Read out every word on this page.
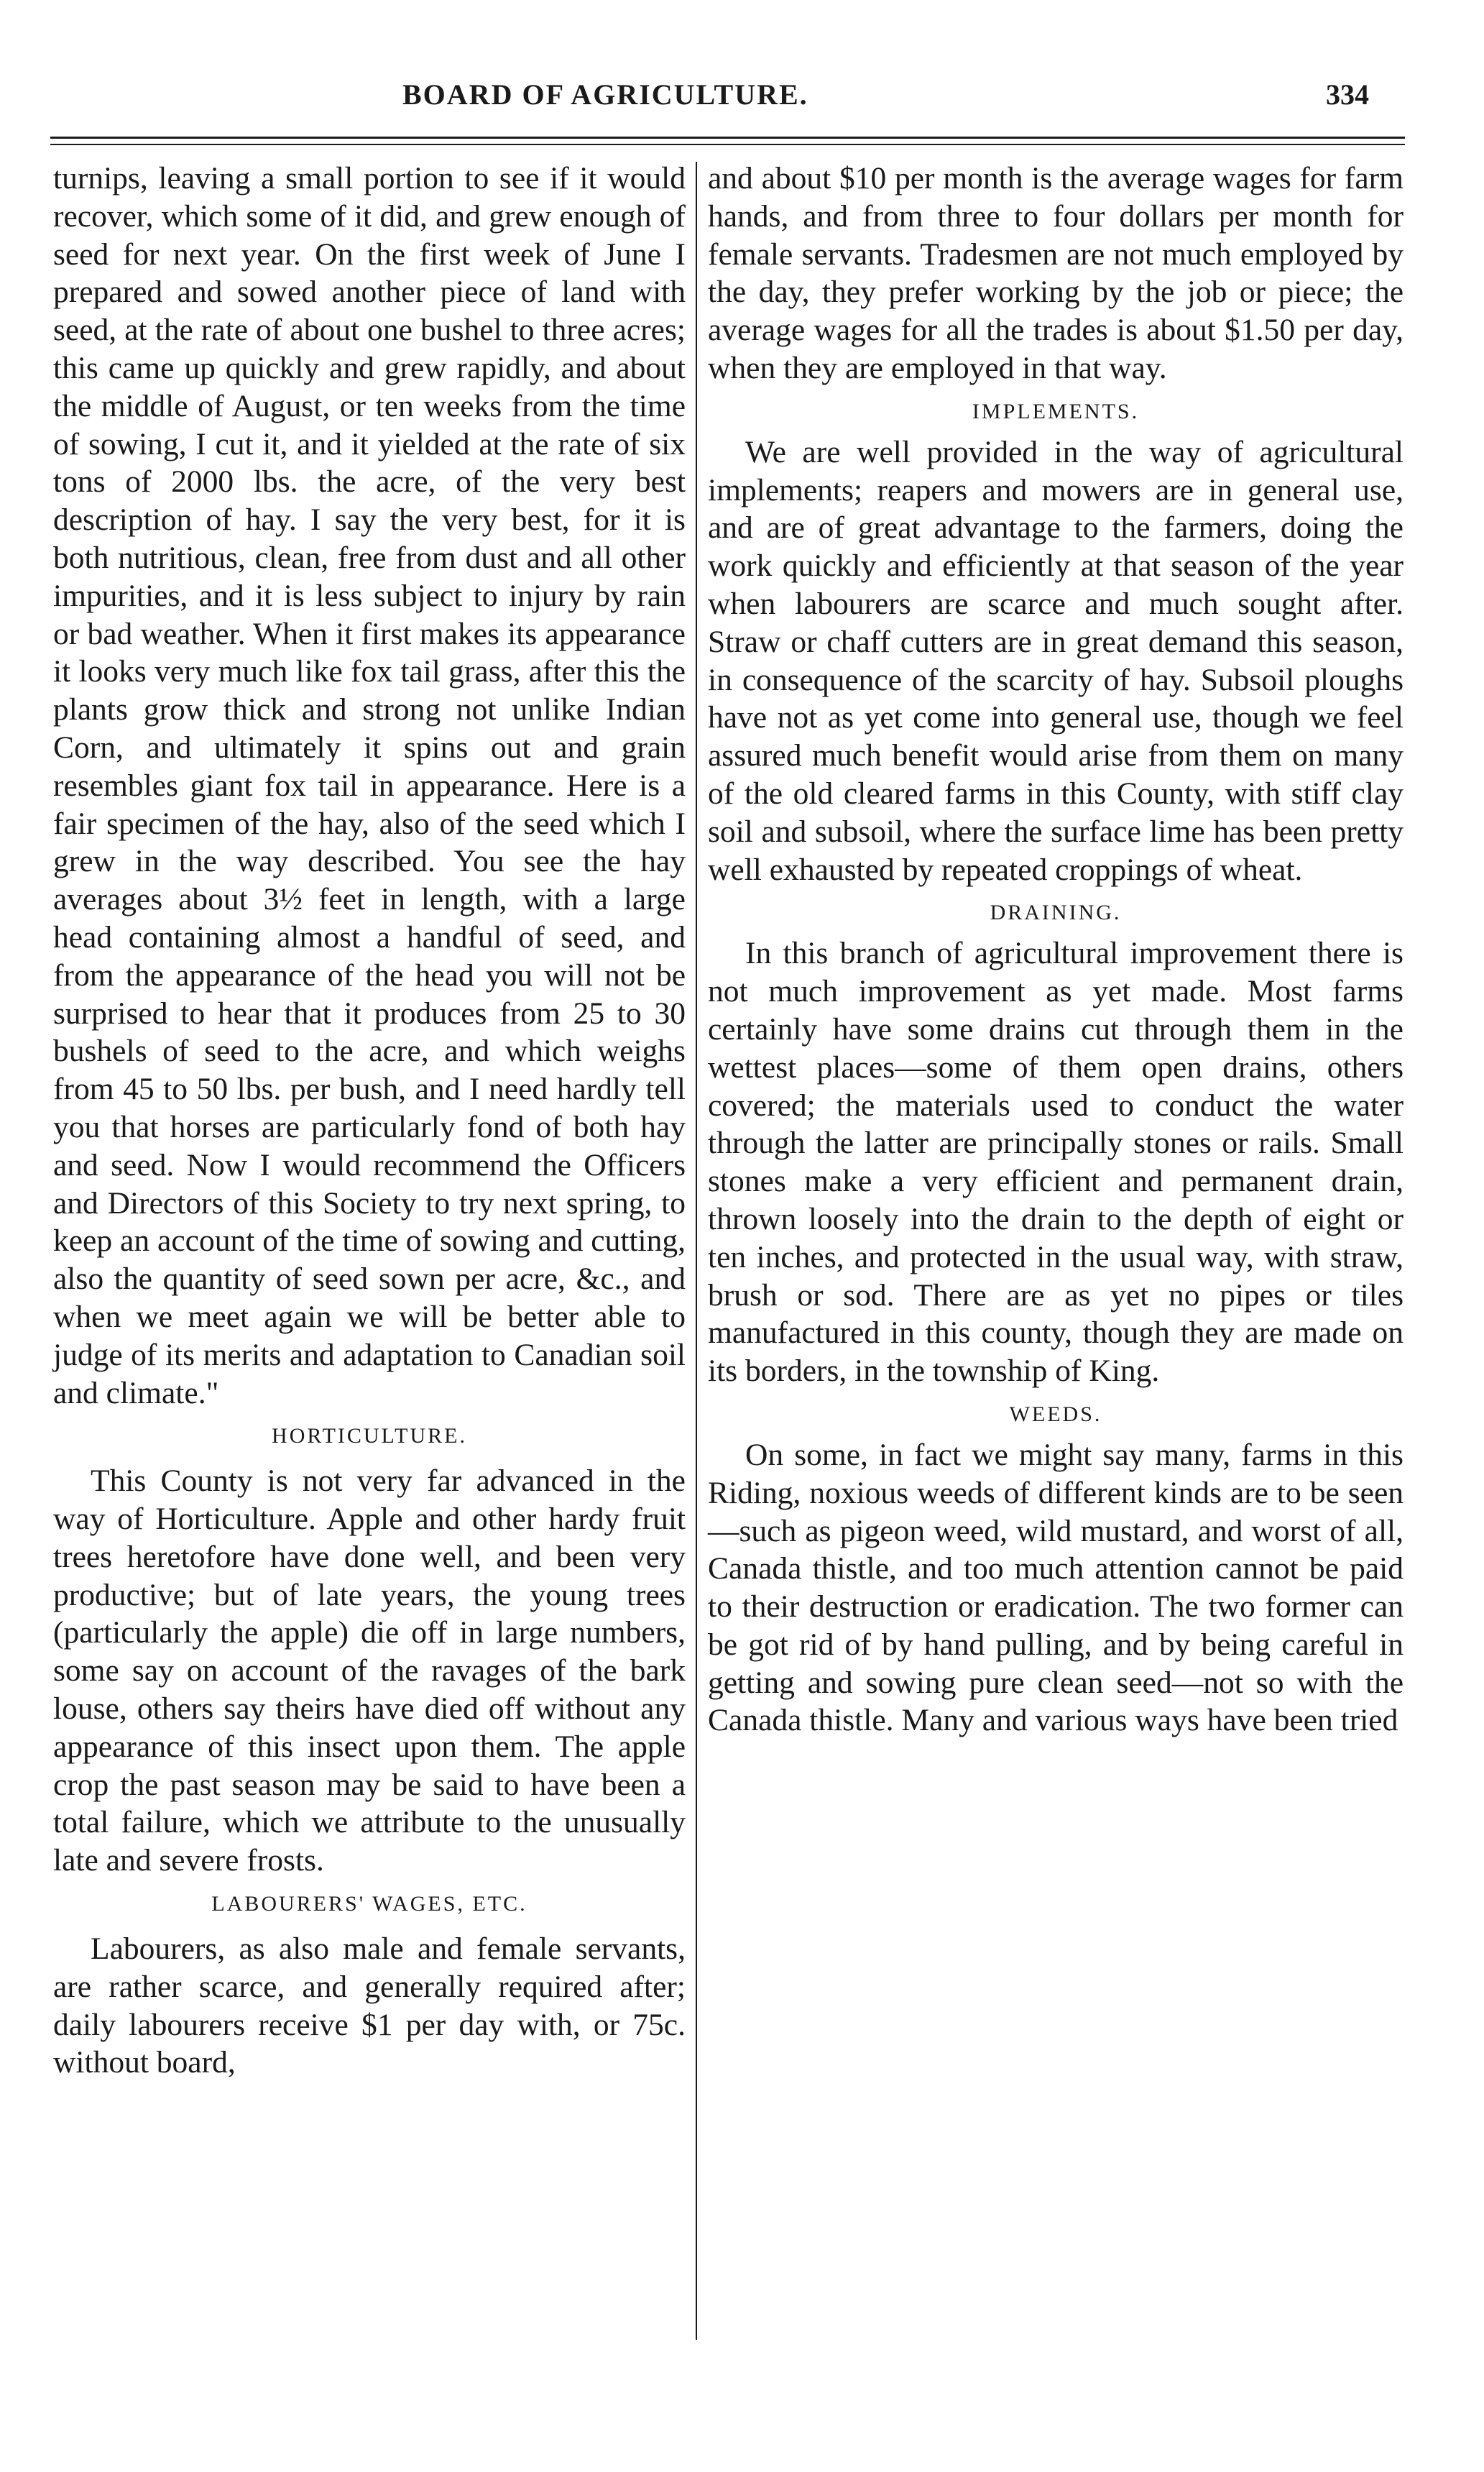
BOARD OF AGRICULTURE.	334

turnips, leaving a small portion to see if it would recover, which some of it did, and grew enough of seed for next year. On the first week of June I prepared and sowed another piece of land with seed, at the rate of about one bushel to three acres; this came up quickly and grew rapidly, and about the middle of August, or ten weeks from the time of sowing, I cut it, and it yielded at the rate of six tons of 2000 lbs. the acre, of the very best description of hay. I say the very best, for it is both nutritious, clean, free from dust and all other impurities, and it is less subject to injury by rain or bad weather. When it first makes its appearance it looks very much like fox tail grass, after this the plants grow thick and strong not unlike Indian Corn, and ultimately it spins out and grain resembles giant fox tail in appearance. Here is a fair specimen of the hay, also of the seed which I grew in the way described. You see the hay averages about 3½ feet in length, with a large head containing almost a handful of seed, and from the appearance of the head you will not be surprised to hear that it produces from 25 to 30 bushels of seed to the acre, and which weighs from 45 to 50 lbs. per bush, and I need hardly tell you that horses are particularly fond of both hay and seed. Now I would recommend the Officers and Directors of this Society to try next spring, to keep an account of the time of sowing and cutting, also the quantity of seed sown per acre, &c., and when we meet again we will be better able to judge of its merits and adaptation to Canadian soil and climate."

HORTICULTURE.

This County is not very far advanced in the way of Horticulture. Apple and other hardy fruit trees heretofore have done well, and been very productive; but of late years, the young trees (particularly the apple) die off in large numbers, some say on account of the ravages of the bark louse, others say theirs have died off without any appearance of this insect upon them. The apple crop the past season may be said to have been a total failure, which we attribute to the unusually late and severe frosts.

LABOURERS' WAGES, ETC.

Labourers, as also male and female servants, are rather scarce, and generally required after; daily labourers receive $1 per day with, or 75c. without board,

and about $10 per month is the average wages for farm hands, and from three to four dollars per month for female servants. Tradesmen are not much employed by the day, they prefer working by the job or piece; the average wages for all the trades is about $1.50 per day, when they are employed in that way.

IMPLEMENTS.

We are well provided in the way of agricultural implements; reapers and mowers are in general use, and are of great advantage to the farmers, doing the work quickly and efficiently at that season of the year when labourers are scarce and much sought after. Straw or chaff cutters are in great demand this season, in consequence of the scarcity of hay. Subsoil ploughs have not as yet come into general use, though we feel assured much benefit would arise from them on many of the old cleared farms in this County, with stiff clay soil and subsoil, where the surface lime has been pretty well exhausted by repeated croppings of wheat.

DRAINING.

In this branch of agricultural improvement there is not much improvement as yet made. Most farms certainly have some drains cut through them in the wettest places—some of them open drains, others covered; the materials used to conduct the water through the latter are principally stones or rails. Small stones make a very efficient and permanent drain, thrown loosely into the drain to the depth of eight or ten inches, and protected in the usual way, with straw, brush or sod. There are as yet no pipes or tiles manufactured in this county, though they are made on its borders, in the township of King.

WEEDS.

On some, in fact we might say many, farms in this Riding, noxious weeds of different kinds are to be seen—such as pigeon weed, wild mustard, and worst of all, Canada thistle, and too much attention cannot be paid to their destruction or eradication. The two former can be got rid of by hand pulling, and by being careful in getting and sowing pure clean seed—not so with the Canada thistle. Many and various ways have been tried
